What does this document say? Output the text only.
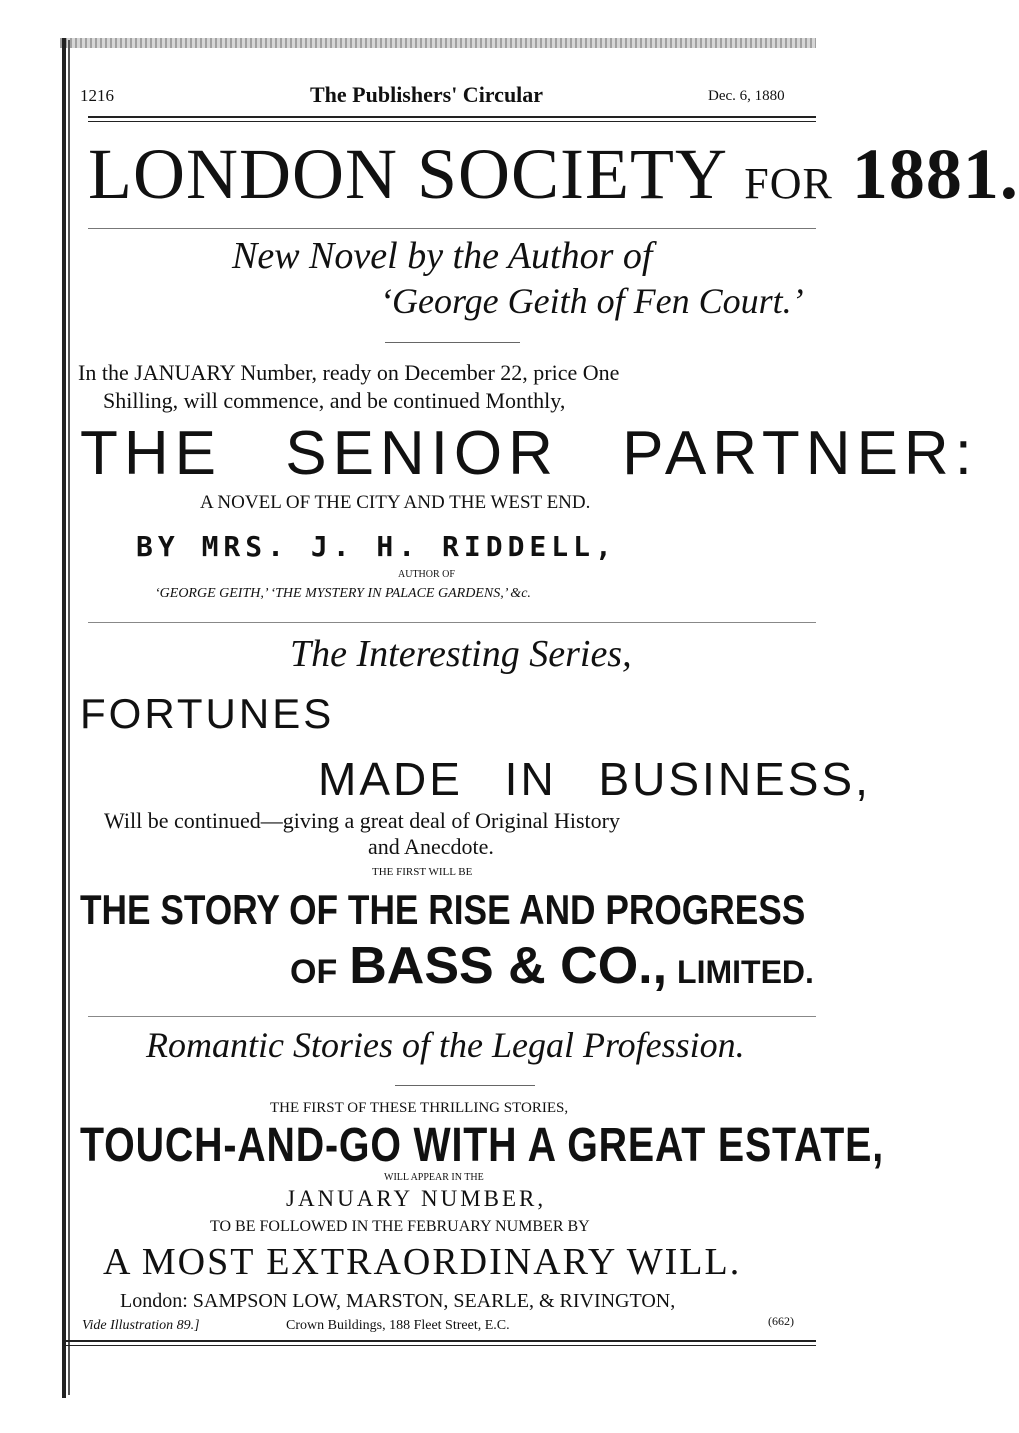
1216	The Publishers' Circular	Dec. 6, 1880
LONDON SOCIETY FOR 1881.
New Novel by the Author of
‘George Geith of Fen Court.’
In the JANUARY Number, ready on December 22, price One
Shilling, will commence, and be continued Monthly,
THE SENIOR PARTNER:
A NOVEL OF THE CITY AND THE WEST END.
BY MRS. J. H. RIDDELL,
AUTHOR OF
‘GEORGE GEITH,’ ‘THE MYSTERY IN PALACE GARDENS,’ &c.
The Interesting Series,
FORTUNES
MADE IN BUSINESS,
Will be continued—giving a great deal of Original History
and Anecdote.
THE FIRST WILL BE
THE STORY OF THE RISE AND PROGRESS
OF BASS & CO., LIMITED.
Romantic Stories of the Legal Profession.
THE FIRST OF THESE THRILLING STORIES,
TOUCH-AND-GO WITH A GREAT ESTATE,
WILL APPEAR IN THE
JANUARY NUMBER,
TO BE FOLLOWED IN THE FEBRUARY NUMBER BY
A MOST EXTRAORDINARY WILL.
London: SAMPSON LOW, MARSTON, SEARLE, & RIVINGTON,
Vide Illustration 89.]	Crown Buildings, 188 Fleet Street, E.C.	(662)
